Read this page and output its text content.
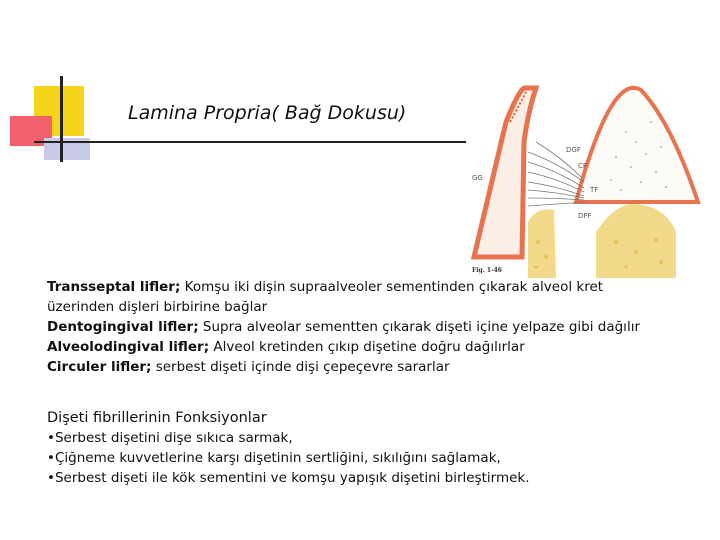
Lamina Propria( Bağ Dokusu)
DGF
CF
GG
TF
DPF
Fig. 1-46
Transseptal lifler; Komşu iki dişin supraalveoler sementinden çıkarak alveol kret
üzerinden dişleri birbirine bağlar
Dentogingival lifler; Supra alveolar sementten çıkarak dişeti içine yelpaze gibi dağılır
Alveolodingival lifler; Alveol kretinden çıkıp dişetine doğru dağılırlar
Circuler lifler; serbest dişeti içinde dişi çepeçevre sararlar
Dişeti fibrillerinin Fonksiyonlar
•Serbest dişetini dişe sıkıca sarmak,
•Çiğneme kuvvetlerine karşı dişetinin sertliğini, sıkılığını sağlamak,
•Serbest dişeti ile kök sementini ve komşu yapışık dişetini birleştirmek.
